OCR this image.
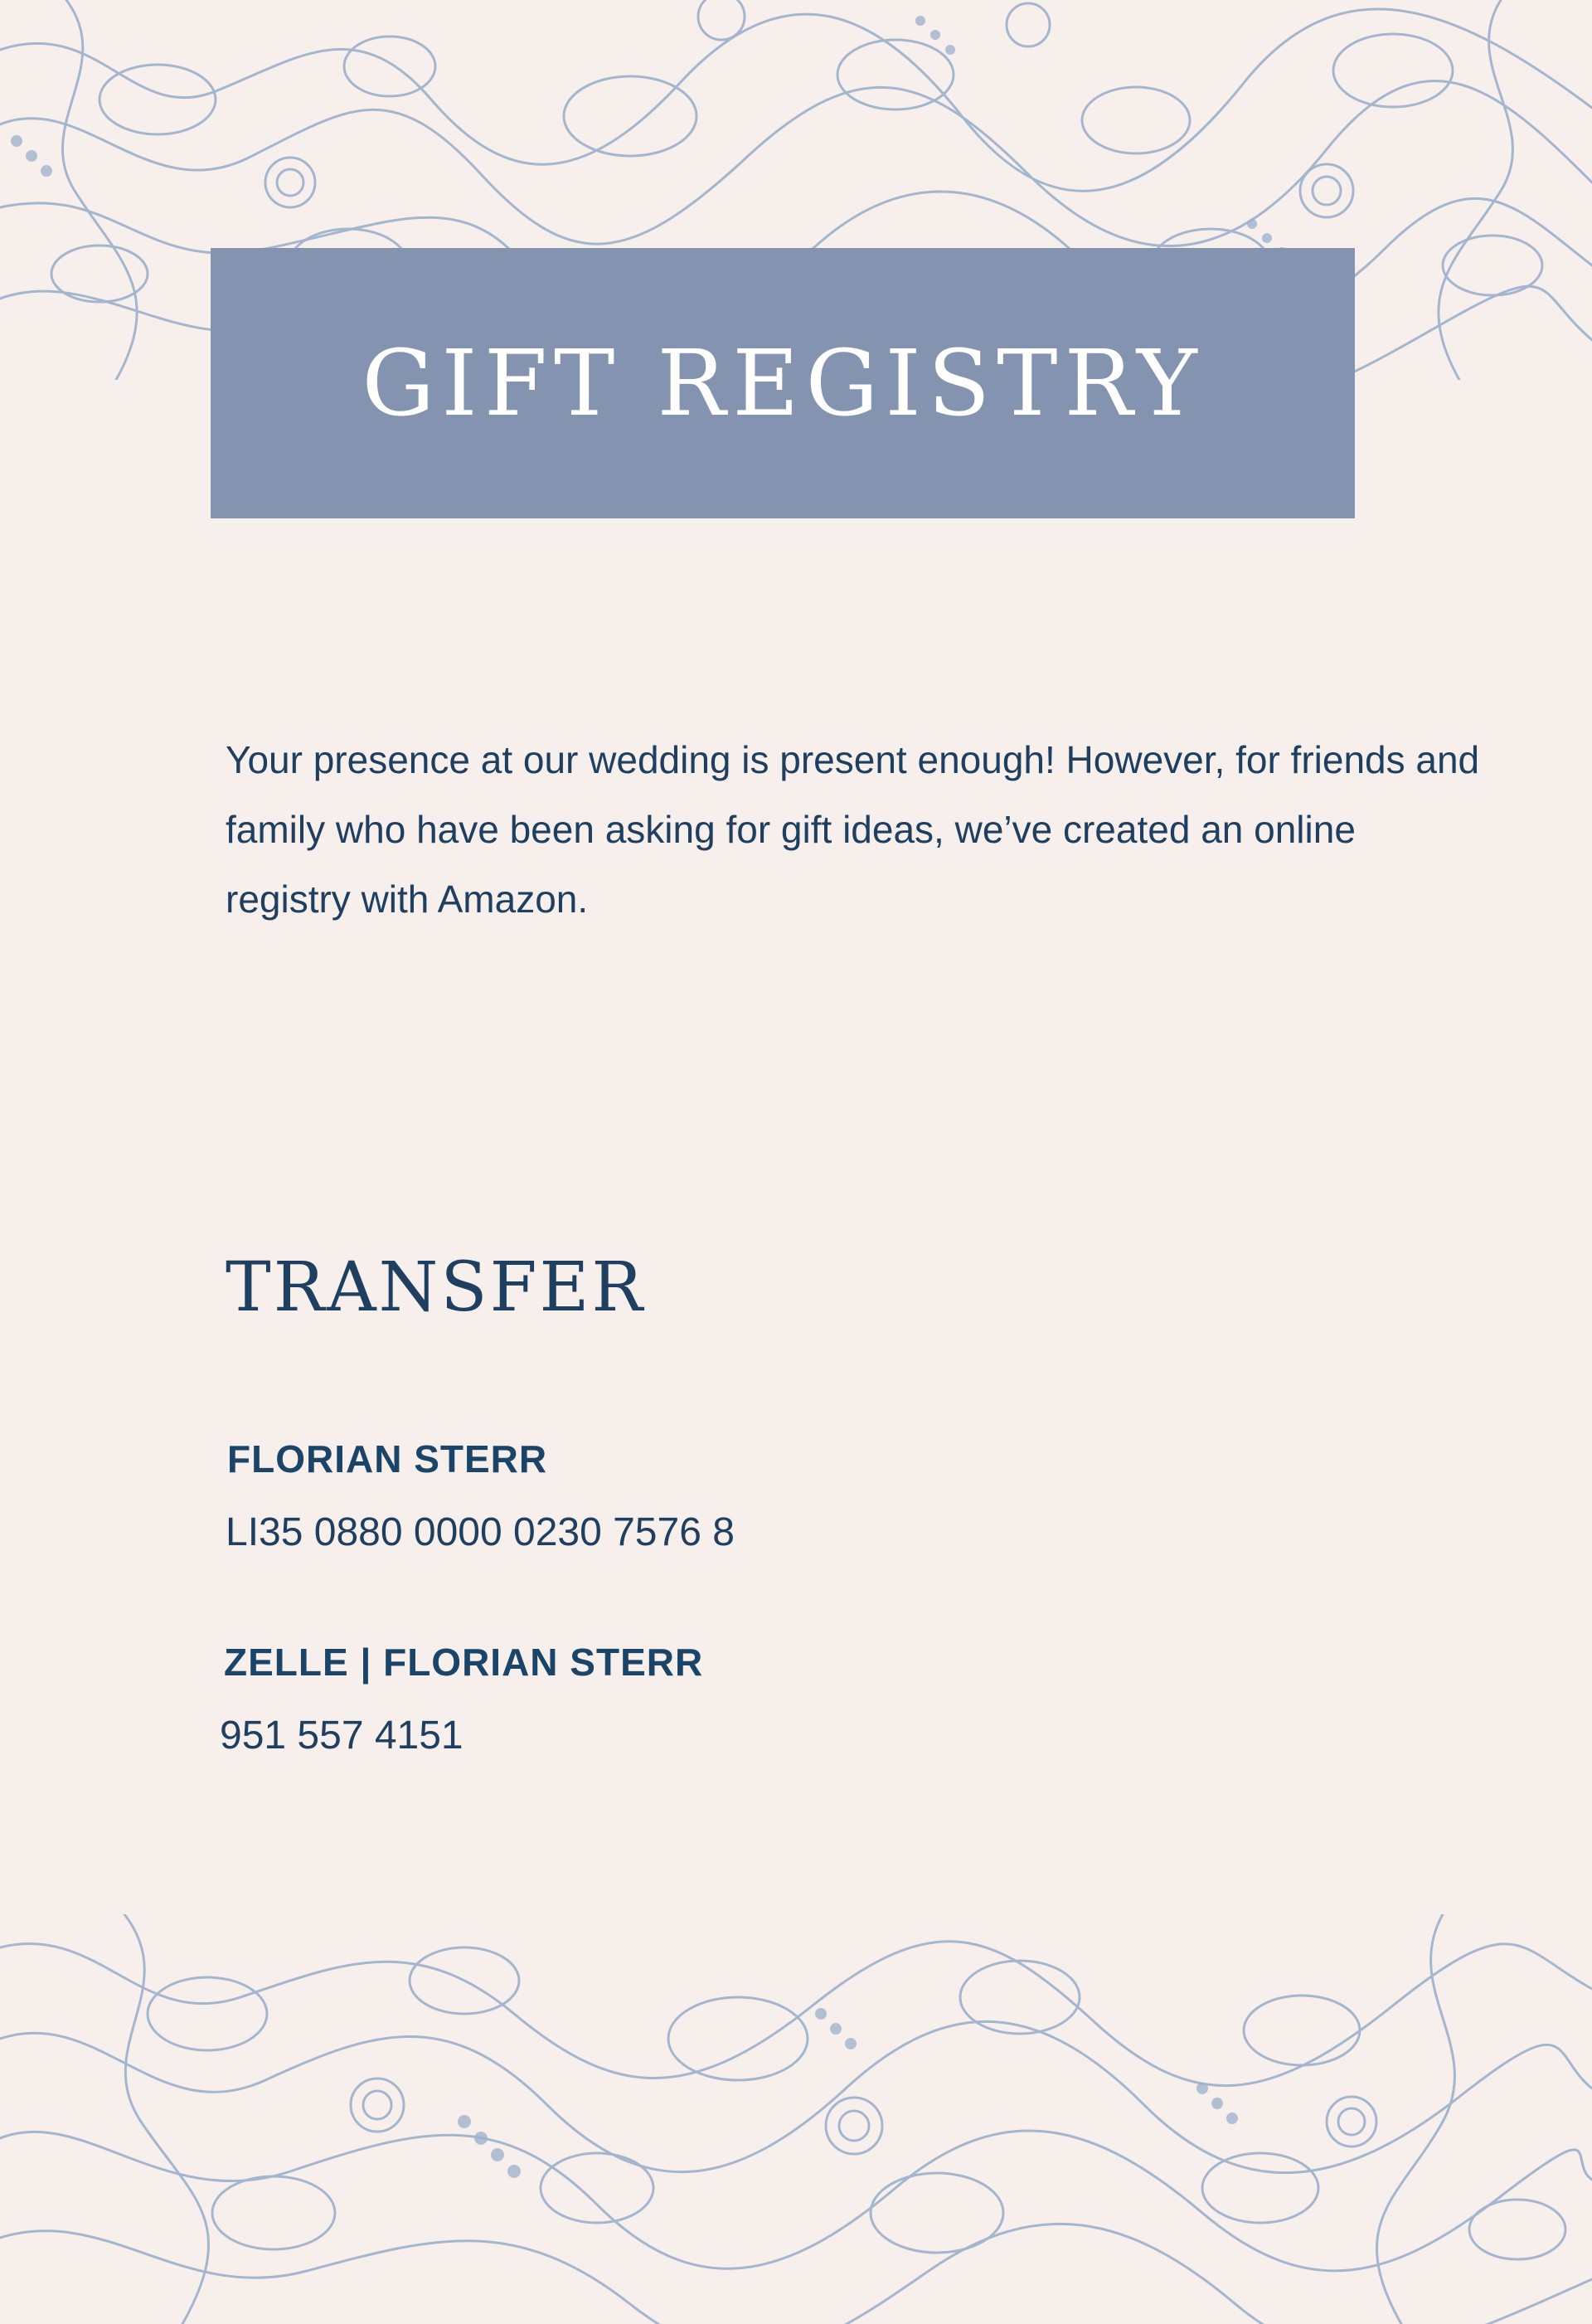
GIFT REGISTRY

Your presence at our wedding is present enough! However, for friends and family who have been asking for gift ideas, we’ve created an online registry with Amazon.

TRANSFER
FLORIAN STERR
LI35 0880 0000 0230 7576 8
ZELLE | FLORIAN STERR
951 557 4151
